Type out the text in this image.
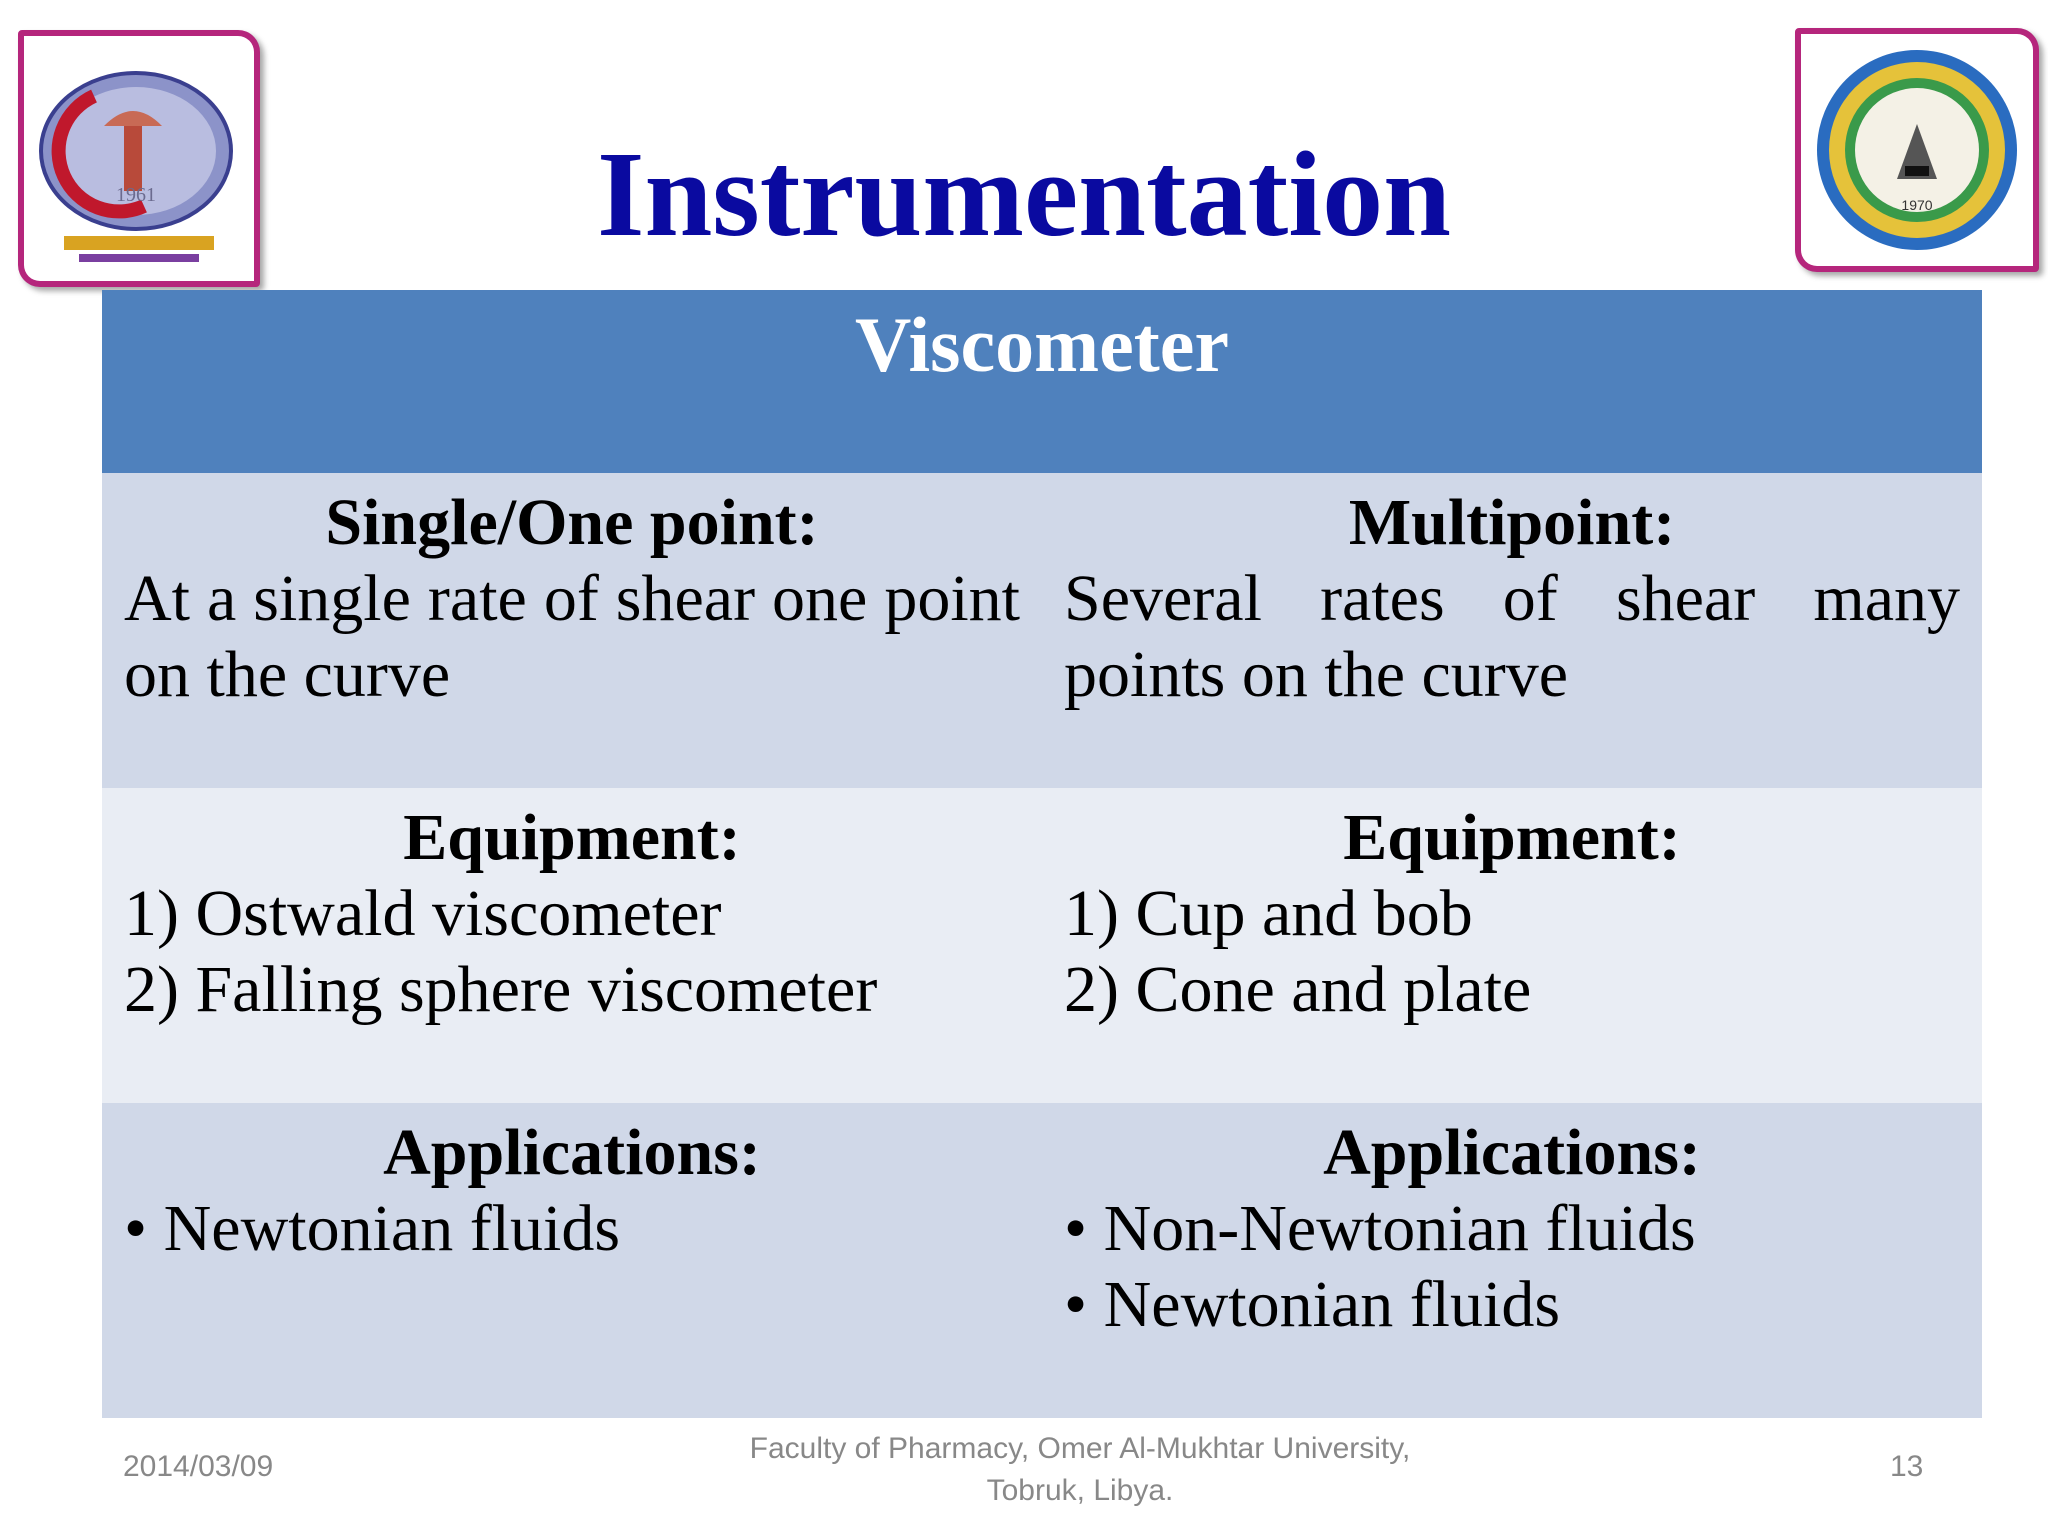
1961	Instrumentation	1970
Viscometer
Single/One point:
At a single rate of shear one point on the curve
Multipoint:
Several rates of shear many points on the curve
Equipment:
1) Ostwald viscometer
2) Falling sphere viscometer
Equipment:
1) Cup and bob
2) Cone and plate
Applications:
• Newtonian fluids
Applications:
• Non-Newtonian fluids
• Newtonian fluids
2014/03/09
Faculty of Pharmacy, Omer Al-Mukhtar University,
Tobruk, Libya.
13
